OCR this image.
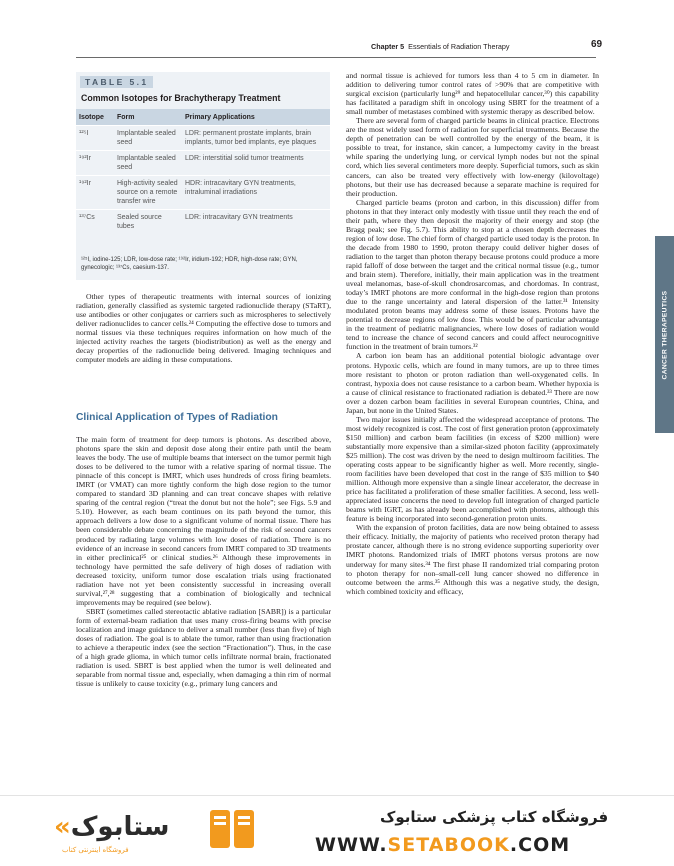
Chapter 5 Essentials of Radiation Therapy	69
CANCER THERAPEUTICS
TABLE 5.1
Common Isotopes for Brachytherapy Treatment
Isotope	Form	Primary Applications
¹²⁵I	Implantable sealed seed	LDR: permanent prostate implants, brain implants, tumor bed implants, eye plaques
¹⁹²Ir	Implantable sealed seed	LDR: interstitial solid tumor treatments
¹⁹²Ir	High-activity sealed source on a remote transfer wire	HDR: intracavitary GYN treatments, intraluminal irradiations
¹³⁷Cs	Sealed source tubes	LDR: intracavitary GYN treatments
¹²⁵I, iodine-125; LDR, low-dose rate; ¹⁹²Ir, iridium-192; HDR, high-dose rate; GYN, gynecologic; ¹³⁷Cs, caesium-137.

Other types of therapeutic treatments with internal sources of ionizing radiation, generally classified as systemic targeted radionuclide therapy (STaRT), use antibodies or other conjugates or carriers such as microspheres to selectively deliver radionuclides to cancer cells.²⁴ Computing the effective dose to tumors and normal tissues via these techniques requires information on how much of the injected activity reaches the targets (biodistribution) as well as the energy and decay properties of the radionuclide being delivered. Imaging techniques and computer models are aiding in these computations.

Clinical Application of Types of Radiation

The main form of treatment for deep tumors is photons. As described above, photons spare the skin and deposit dose along their entire path until the beam leaves the body. The use of multiple beams that intersect on the tumor permit high doses to be delivered to the tumor with a relative sparing of normal tissue. The pinnacle of this concept is IMRT, which uses hundreds of cross firing beamlets. IMRT (or VMAT) can more tightly conform the high dose region to the tumor compared to standard 3D planning and can treat concave shapes with relative sparing of the central region (“treat the donut but not the hole”; see Figs. 5.9 and 5.10). However, as each beam continues on its path beyond the tumor, this approach delivers a low dose to a significant volume of normal tissue. There has been considerable debate concerning the magnitude of the risk of second cancers produced by radiating large volumes with low doses of radiation. There is no evidence of an increase in second cancers from IMRT compared to 3D treatments in either preclinical²⁵ or clinical studies.²⁶ Although these improvements in technology have permitted the safe delivery of high doses of radiation with decreased toxicity, uniform tumor dose escalation trials using fractionated radiation have not yet been consistently successful in increasing overall survival,²⁷,²⁸ suggesting that a combination of biologically and technical improvements may be required (see below).

SBRT (sometimes called stereotactic ablative radiation [SABR]) is a particular form of external-beam radiation that uses many cross-firing beams with precise localization and image guidance to deliver a small number (less than five) of high doses of radiation. The goal is to ablate the tumor, rather than using fractionation to achieve a therapeutic index (see the section “Fractionation”). Thus, in the case of a high grade glioma, in which tumor cells infiltrate normal brain, fractionated radiation is used. SBRT is best applied when the tumor is well delineated and separable from normal tissue and, especially, when damaging a thin rim of normal tissue is unlikely to cause toxicity (e.g., primary lung cancers and

and normal tissue is achieved for tumors less than 4 to 5 cm in diameter. In addition to delivering tumor control rates of >90% that are competitive with surgical excision (particularly lung²⁹ and hepatocellular cancer,³⁰) this capability has facilitated a paradigm shift in oncology using SBRT for the treatment of a small number of metastases combined with systemic therapy as described below.

There are several form of charged particle beams in clinical practice. Electrons are the most widely used form of radiation for superficial treatments. Because the depth of penetration can be well controlled by the energy of the beam, it is possible to treat, for instance, skin cancer, a lumpectomy cavity in the breast while sparing the underlying lung, or cervical lymph nodes but not the spinal cord, which lies several centimeters more deeply. Superficial tumors, such as skin cancers, can also be treated very effectively with low-energy (kilovoltage) photons, but their use has decreased because a separate machine is required for their production.

Charged particle beams (proton and carbon, in this discussion) differ from photons in that they interact only modestly with tissue until they reach the end of their path, where they then deposit the majority of their energy and stop (the Bragg peak; see Fig. 5.7). This ability to stop at a chosen depth decreases the region of low dose. The chief form of charged particle used today is the proton. In the decade from 1980 to 1990, proton therapy could deliver higher doses of radiation to the target than photon therapy because protons could produce a more rapid falloff of dose between the target and the critical normal tissue (e.g., tumor and brain stem). Therefore, initially, their main application was in the treatment uveal melanomas, base-of-skull chondrosarcomas, and chordomas. In contrast, today’s IMRT photons are more conformal in the high-dose region than protons due to the range uncertainty and lateral dispersion of the latter.³¹ Intensity modulated proton beams may address some of these issues. Protons have the potential to decrease regions of low dose. This would be of particular advantage in the treatment of pediatric malignancies, where low doses of radiation would tend to increase the chance of second cancers and could affect neurocognitive function in the treatment of brain tumors.³²

A carbon ion beam has an additional potential biologic advantage over protons. Hypoxic cells, which are found in many tumors, are up to three times more resistant to photon or proton radiation than well-oxygenated cells. In contrast, hypoxia does not cause resistance to a carbon beam. Whether hypoxia is a cause of clinical resistance to fractionated radiation is debated.³³ There are now over a dozen carbon beam facilities in several European countries, China, and Japan, but none in the United States.

Two major issues initially affected the widespread acceptance of protons. The most widely recognized is cost. The cost of first generation proton (approximately $150 million) and carbon beam facilities (in excess of $200 million) were substantially more expensive than a similar-sized photon facility (approximately $25 million). The cost was driven by the need to design multiroom facilities. The operating costs appear to be significantly higher as well. More recently, single-room facilities have been developed that cost in the range of $35 million to $40 million. Although more expensive than a single linear accelerator, the decrease in price has facilitated a proliferation of these smaller facilities. A second, less well-appreciated issue concerns the need to develop full integration of charged particle beams with IGRT, as has already been accomplished with photons, although this feature is being incorporated into second-generation proton units.

With the expansion of proton facilities, data are now being obtained to assess their efficacy. Initially, the majority of patients who received proton therapy had prostate cancer, although there is no strong evidence supporting superiority over IMRT photons. Randomized trials of IMRT photons versus protons are now underway for many sites.³⁴ The first phase II randomized trial comparing proton to photon therapy for non–small-cell lung cancer showed no difference in outcome between the arms.³⁵ Although this was a negative study, the design, which combined toxicity and efficacy,

«ستابوک
فروشگاه اینترنتی کتاب
فروشگاه کتاب پزشکی ستابوک
WWW.SETABOOK.COM
